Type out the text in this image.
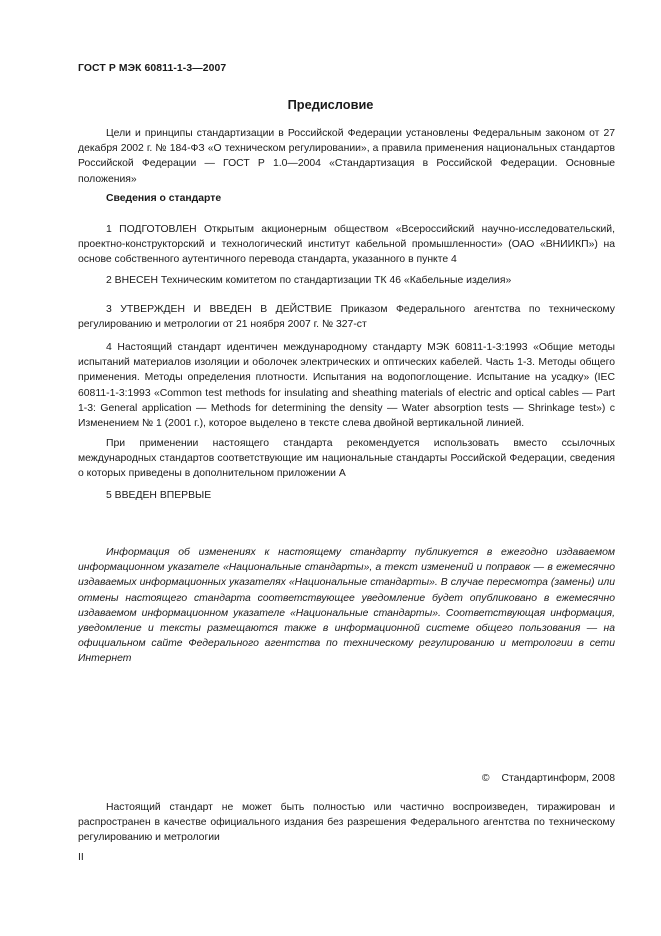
ГОСТ Р МЭК 60811-1-3—2007
Предисловие
Цели и принципы стандартизации в Российской Федерации установлены Федеральным законом от 27 декабря 2002 г. № 184-ФЗ «О техническом регулировании», а правила применения национальных стандартов Российской Федерации — ГОСТ Р 1.0—2004 «Стандартизация в Российской Федерации. Основные положения»
Сведения о стандарте
1 ПОДГОТОВЛЕН Открытым акционерным обществом «Всероссийский научно-исследовательский, проектно-конструкторский и технологический институт кабельной промышленности» (ОАО «ВНИИКП») на основе собственного аутентичного перевода стандарта, указанного в пункте 4
2 ВНЕСЕН Техническим комитетом по стандартизации ТК 46 «Кабельные изделия»
3 УТВЕРЖДЕН И ВВЕДЕН В ДЕЙСТВИЕ Приказом Федерального агентства по техническому регулированию и метрологии от 21 ноября 2007 г. № 327-ст
4 Настоящий стандарт идентичен международному стандарту МЭК 60811-1-3:1993 «Общие методы испытаний материалов изоляции и оболочек электрических и оптических кабелей. Часть 1-3. Методы общего применения. Методы определения плотности. Испытания на водопоглощение. Испытание на усадку» (IEC 60811-1-3:1993 «Common test methods for insulating and sheathing materials of electric and optical cables — Part 1-3: General application — Methods for determining the density — Water absorption tests — Shrinkage test») с Изменением № 1 (2001 г.), которое выделено в тексте слева двойной вертикальной линией.
При применении настоящего стандарта рекомендуется использовать вместо ссылочных международных стандартов соответствующие им национальные стандарты Российской Федерации, сведения о которых приведены в дополнительном приложении А
5 ВВЕДЕН ВПЕРВЫЕ
Информация об изменениях к настоящему стандарту публикуется в ежегодно издаваемом информационном указателе «Национальные стандарты», а текст изменений и поправок — в ежемесячно издаваемых информационных указателях «Национальные стандарты». В случае пересмотра (замены) или отмены настоящего стандарта соответствующее уведомление будет опубликовано в ежемесячно издаваемом информационном указателе «Национальные стандарты». Соответствующая информация, уведомление и тексты размещаются также в информационной системе общего пользования — на официальном сайте Федерального агентства по техническому регулированию и метрологии в сети Интернет
© Стандартинформ, 2008
Настоящий стандарт не может быть полностью или частично воспроизведен, тиражирован и распространен в качестве официального издания без разрешения Федерального агентства по техническому регулированию и метрологии
II
